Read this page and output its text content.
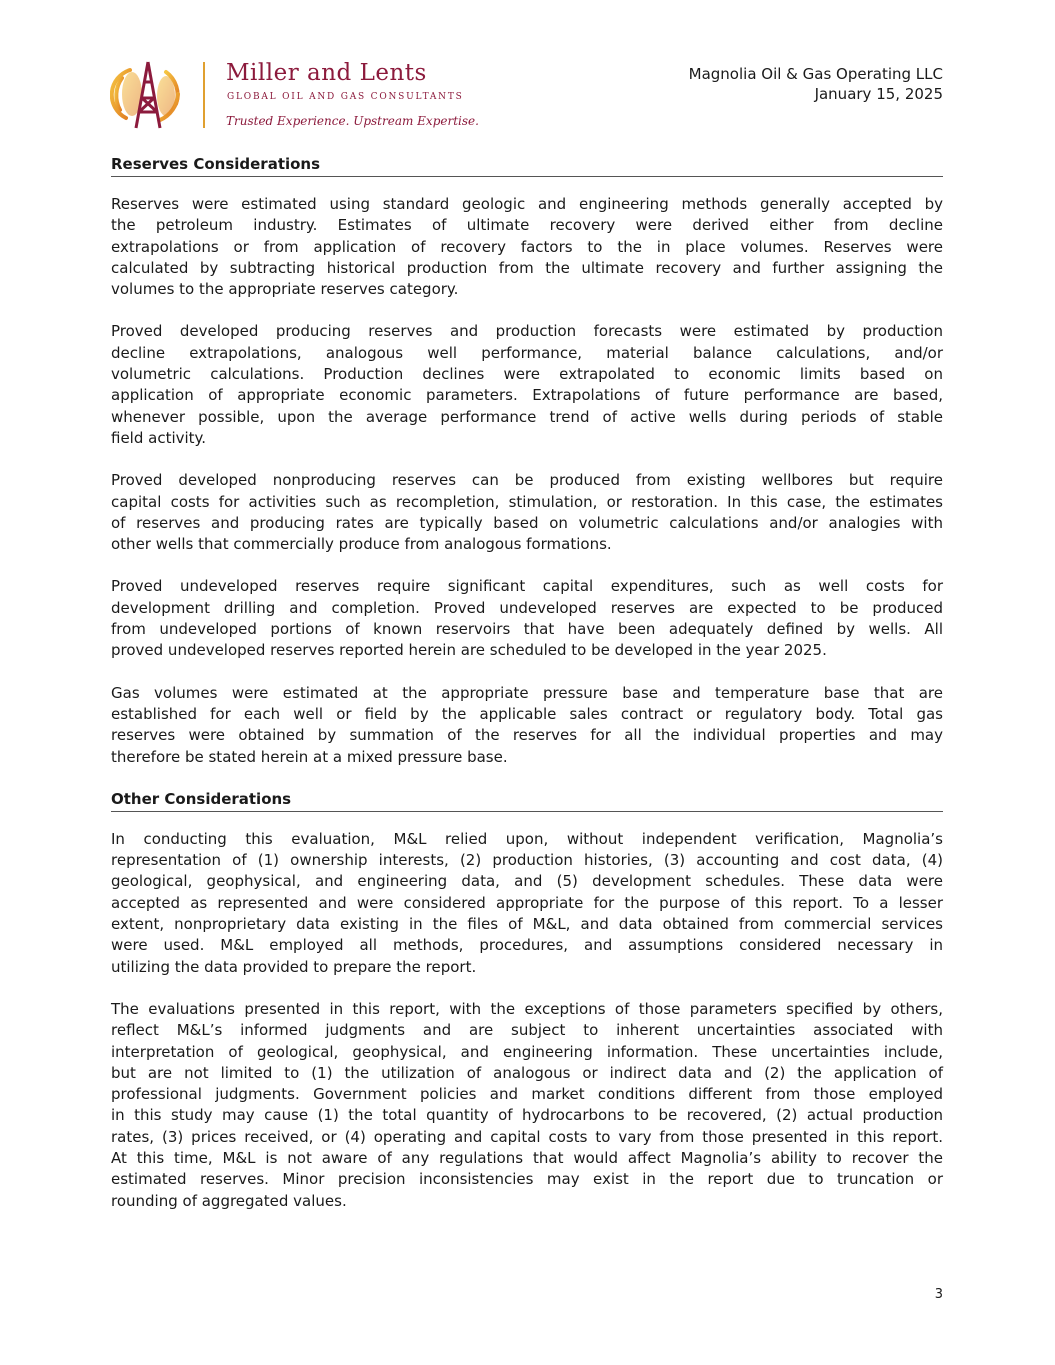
Miller and Lents
GLOBAL OIL AND GAS CONSULTANTS
Trusted Experience. Upstream Expertise.
Magnolia Oil & Gas Operating LLC
January 15, 2025
Reserves Considerations
Reserves were estimated using standard geologic and engineering methods generally accepted by
the petroleum industry. Estimates of ultimate recovery were derived either from decline
extrapolations or from application of recovery factors to the in place volumes. Reserves were
calculated by subtracting historical production from the ultimate recovery and further assigning the
volumes to the appropriate reserves category.
Proved developed producing reserves and production forecasts were estimated by production
decline extrapolations, analogous well performance, material balance calculations, and/or
volumetric calculations. Production declines were extrapolated to economic limits based on
application of appropriate economic parameters. Extrapolations of future performance are based,
whenever possible, upon the average performance trend of active wells during periods of stable
field activity.
Proved developed nonproducing reserves can be produced from existing wellbores but require
capital costs for activities such as recompletion, stimulation, or restoration. In this case, the estimates
of reserves and producing rates are typically based on volumetric calculations and/or analogies with
other wells that commercially produce from analogous formations.
Proved undeveloped reserves require significant capital expenditures, such as well costs for
development drilling and completion. Proved undeveloped reserves are expected to be produced
from undeveloped portions of known reservoirs that have been adequately defined by wells. All
proved undeveloped reserves reported herein are scheduled to be developed in the year 2025.
Gas volumes were estimated at the appropriate pressure base and temperature base that are
established for each well or field by the applicable sales contract or regulatory body. Total gas
reserves were obtained by summation of the reserves for all the individual properties and may
therefore be stated herein at a mixed pressure base.
Other Considerations
In conducting this evaluation, M&L relied upon, without independent verification, Magnolia’s
representation of (1) ownership interests, (2) production histories, (3) accounting and cost data, (4)
geological, geophysical, and engineering data, and (5) development schedules. These data were
accepted as represented and were considered appropriate for the purpose of this report. To a lesser
extent, nonproprietary data existing in the files of M&L, and data obtained from commercial services
were used. M&L employed all methods, procedures, and assumptions considered necessary in
utilizing the data provided to prepare the report.
The evaluations presented in this report, with the exceptions of those parameters specified by others,
reflect M&L’s informed judgments and are subject to inherent uncertainties associated with
interpretation of geological, geophysical, and engineering information. These uncertainties include,
but are not limited to (1) the utilization of analogous or indirect data and (2) the application of
professional judgments. Government policies and market conditions different from those employed
in this study may cause (1) the total quantity of hydrocarbons to be recovered, (2) actual production
rates, (3) prices received, or (4) operating and capital costs to vary from those presented in this report.
At this time, M&L is not aware of any regulations that would affect Magnolia’s ability to recover the
estimated reserves. Minor precision inconsistencies may exist in the report due to truncation or
rounding of aggregated values.
3
